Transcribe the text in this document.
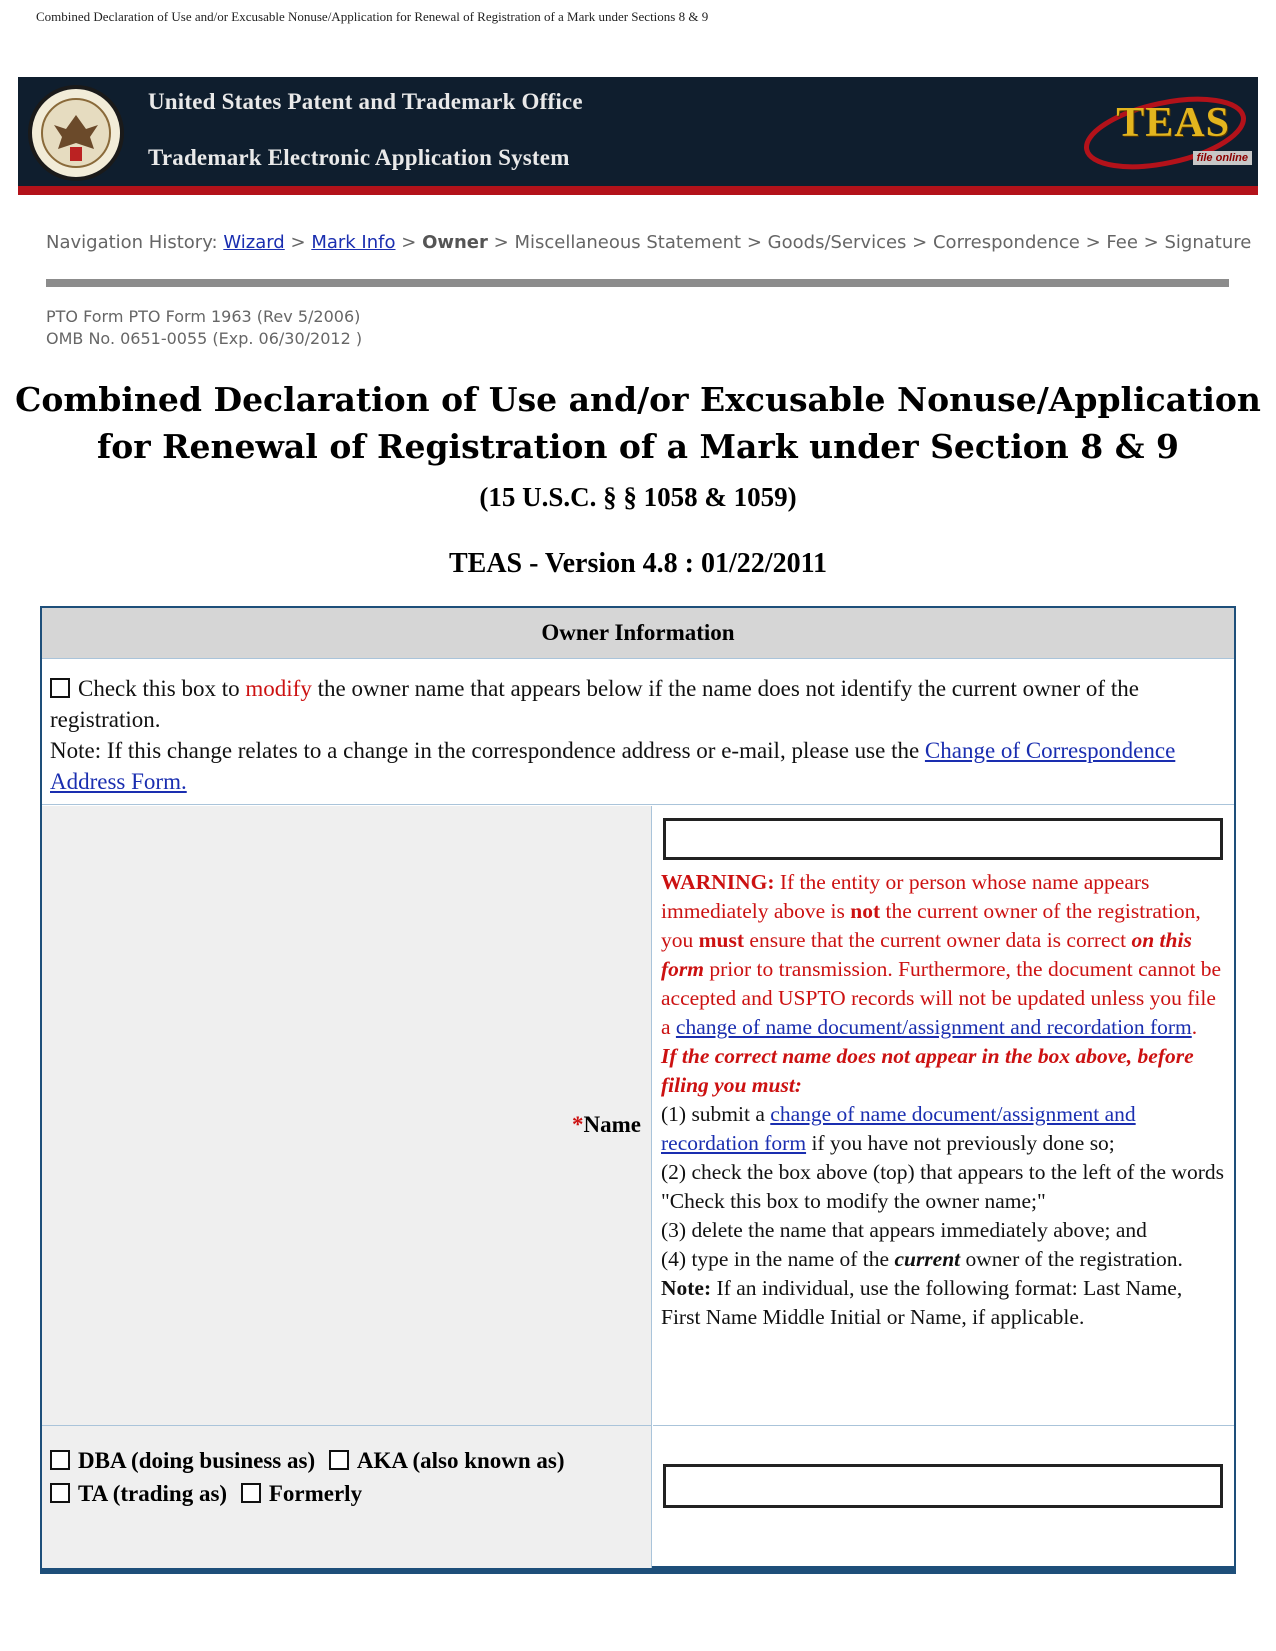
Combined Declaration of Use and/or Excusable Nonuse/Application for Renewal of Registration of a Mark under Sections 8 & 9
United States Patent and Trademark Office
Trademark Electronic Application System
TEAS
file online
Navigation History: Wizard > Mark Info > Owner > Miscellaneous Statement > Goods/Services > Correspondence > Fee > Signature
PTO Form PTO Form 1963 (Rev 5/2006)
OMB No. 0651-0055 (Exp. 06/30/2012 )
Combined Declaration of Use and/or Excusable Nonuse/Application
for Renewal of Registration of a Mark under Section 8 & 9
(15 U.S.C. § § 1058 & 1059)
TEAS - Version 4.8 : 01/22/2011
Owner Information
Check this box to modify the owner name that appears below if the name does not identify the current owner of the registration.
Note: If this change relates to a change in the correspondence address or e-mail, please use the Change of Correspondence Address Form.
*Name
WARNING: If the entity or person whose name appears immediately above is not the current owner of the registration, you must ensure that the current owner data is correct on this form prior to transmission. Furthermore, the document cannot be accepted and USPTO records will not be updated unless you file a change of name document/assignment and recordation form.
If the correct name does not appear in the box above, before filing you must:
(1) submit a change of name document/assignment and recordation form if you have not previously done so;
(2) check the box above (top) that appears to the left of the words "Check this box to modify the owner name;"
(3) delete the name that appears immediately above; and
(4) type in the name of the current owner of the registration.
Note: If an individual, use the following format: Last Name, First Name Middle Initial or Name, if applicable.
DBA (doing business as) AKA (also known as)
TA (trading as) Formerly
